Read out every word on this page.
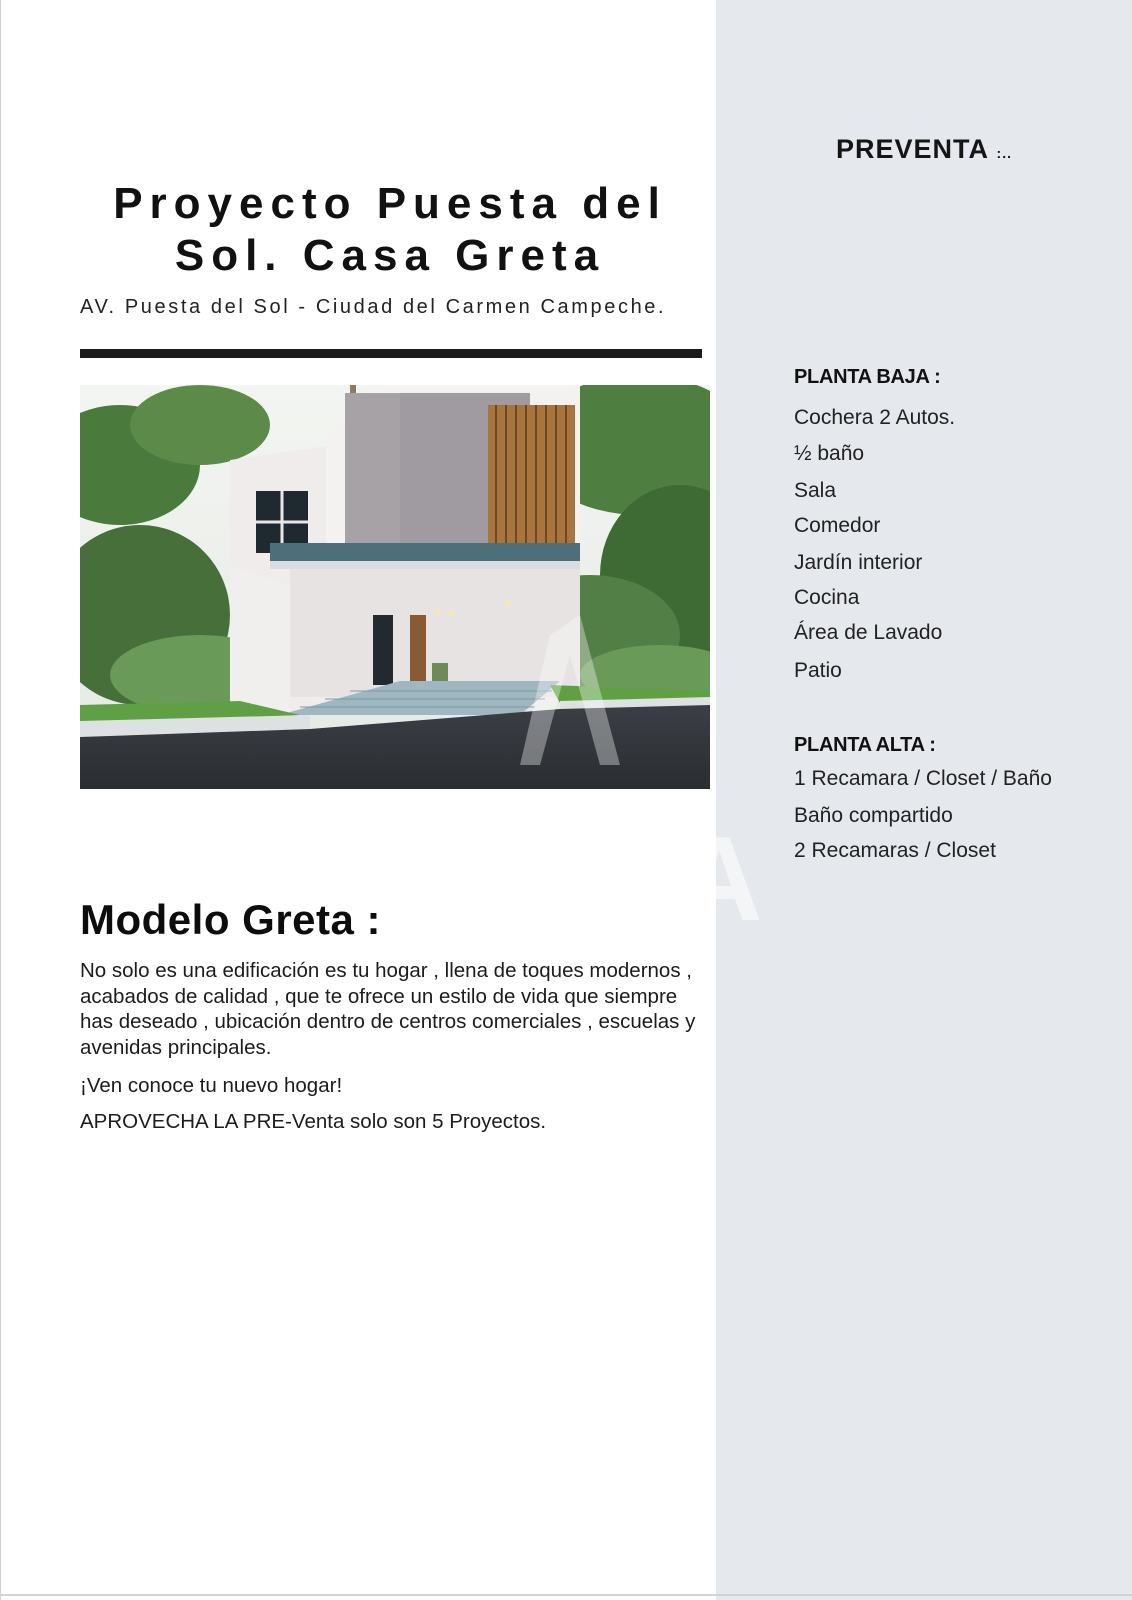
PREVENTA :..
Proyecto Puesta del
Sol. Casa Greta
AV. Puesta del Sol - Ciudad del Carmen Campeche.
PLANTA BAJA :
Cochera 2 Autos.
½ baño
Sala
Comedor
Jardín interior
Cocina
Área de Lavado
Patio
PLANTA ALTA :
1 Recamara / Closet / Baño
Baño compartido
2 Recamaras / Closet
A
Modelo Greta :
No solo es una edificación es tu hogar , llena de toques modernos , acabados de calidad , que te ofrece un estilo de vida que siempre has deseado , ubicación dentro de centros comerciales , escuelas y avenidas principales.
¡Ven conoce tu nuevo hogar!
APROVECHA LA PRE-Venta solo son 5 Proyectos.
